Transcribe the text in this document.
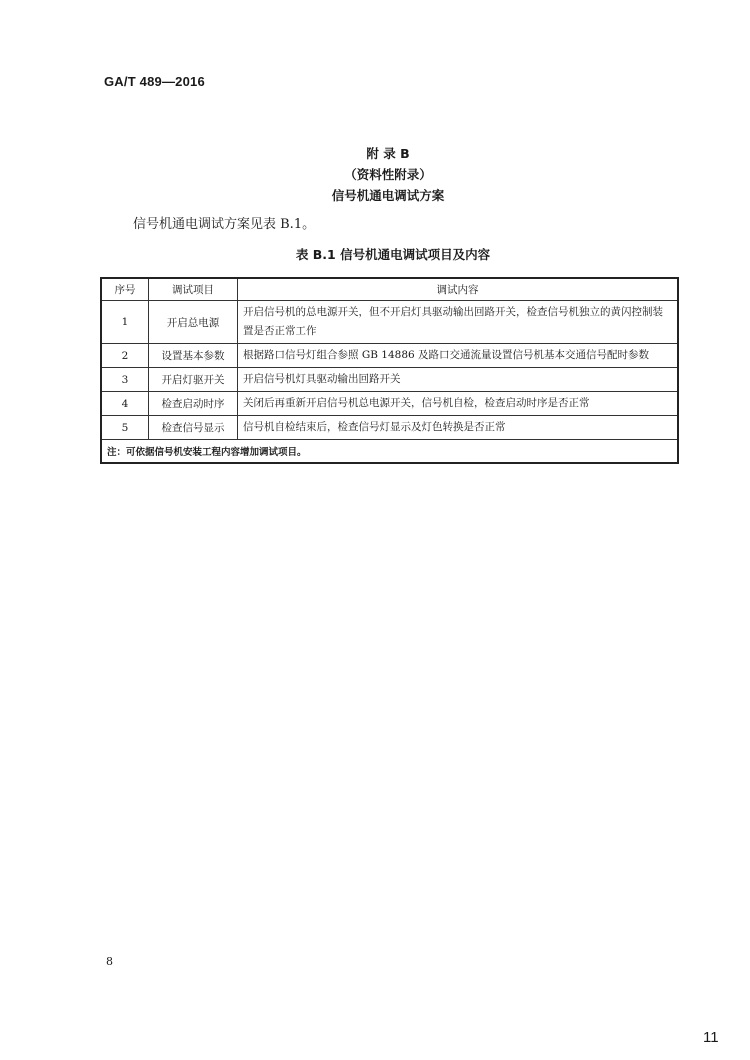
GA/T 489—2016
附 录 B
（资料性附录）
信号机通电调试方案
信号机通电调试方案见表 B.1。
表 B.1 信号机通电调试项目及内容
序号	调试项目	调试内容
1	开启总电源	开启信号机的总电源开关，但不开启灯具驱动输出回路开关，检查信号机独立的黄闪控制装置是否正常工作
2	设置基本参数	根据路口信号灯组合参照 GB 14886 及路口交通流量设置信号机基本交通信号配时参数
3	开启灯驱开关	开启信号机灯具驱动输出回路开关
4	检查启动时序	关闭后再重新开启信号机总电源开关，信号机自检，检查启动时序是否正常
5	检查信号显示	信号机自检结束后，检查信号灯显示及灯色转换是否正常
注：可依据信号机安装工程内容增加调试项目。		
8
11
